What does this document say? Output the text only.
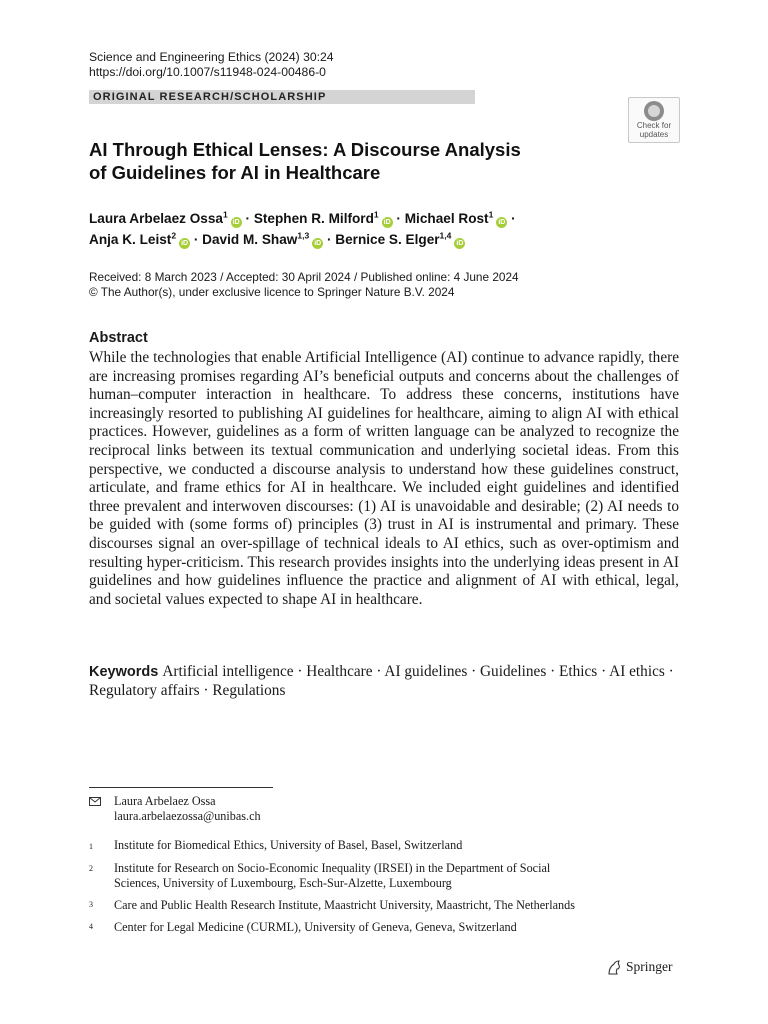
Science and Engineering Ethics (2024) 30:24
https://doi.org/10.1007/s11948-024-00486-0
ORIGINAL RESEARCH/SCHOLARSHIP
Check for
updates
AI Through Ethical Lenses: A Discourse Analysis
of Guidelines for AI in Healthcare
Laura Arbelaez Ossa$^1$iD · Stephen R. Milford$^1$iD · Michael Rost$^1$iD ·
Anja K. Leist$^2$iD · David M. Shaw$^{1,3}$iD · Bernice S. Elger$^{1,4}$iD
Received: 8 March 2023 / Accepted: 30 April 2024 / Published online: 4 June 2024
© The Author(s), under exclusive licence to Springer Nature B.V. 2024
Abstract
While the technologies that enable Artificial Intelligence (AI) continue to advance rapidly, there are increasing promises regarding AI’s beneficial outputs and concerns about the challenges of human–computer interaction in healthcare. To address these concerns, institutions have increasingly resorted to publishing AI guidelines for healthcare, aiming to align AI with ethical practices. However, guidelines as a form of written language can be analyzed to recognize the reciprocal links between its textual communication and underlying societal ideas. From this perspective, we conducted a discourse analysis to understand how these guidelines construct, articulate, and frame ethics for AI in healthcare. We included eight guidelines and identified three prevalent and interwoven discourses: (1) AI is unavoidable and desirable; (2) AI needs to be guided with (some forms of) principles (3) trust in AI is instrumental and primary. These discourses signal an over-spillage of technical ideals to AI ethics, such as over-optimism and resulting hyper-criticism. This research provides insights into the underlying ideas present in AI guidelines and how guidelines influence the practice and alignment of AI with ethical, legal, and societal values expected to shape AI in healthcare.
Keywords Artificial intelligence · Healthcare · AI guidelines · Guidelines · Ethics · AI ethics · Regulatory affairs · Regulations
Laura Arbelaez Ossa
laura.arbelaezossa@unibas.ch
1 Institute for Biomedical Ethics, University of Basel, Basel, Switzerland
2 Institute for Research on Socio-Economic Inequality (IRSEI) in the Department of Social
Sciences, University of Luxembourg, Esch-Sur-Alzette, Luxembourg
3 Care and Public Health Research Institute, Maastricht University, Maastricht, The Netherlands
4 Center for Legal Medicine (CURML), University of Geneva, Geneva, Switzerland
Springer
